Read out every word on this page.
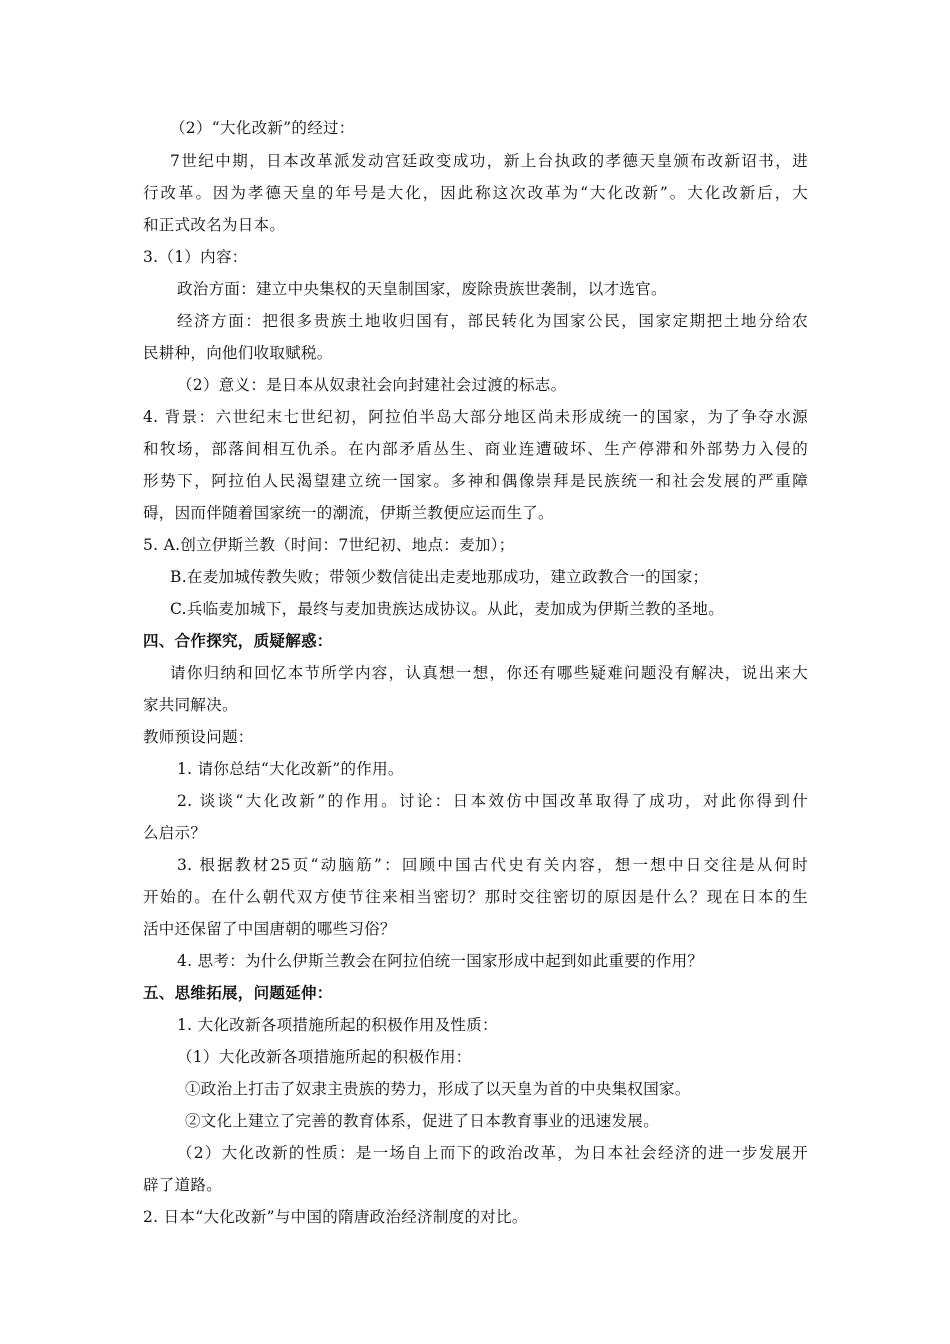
（2）“大化改新”的经过：
7世纪中期，日本改革派发动宫廷政变成功，新上台执政的孝德天皇颁布改新诏书，进
行改革。因为孝德天皇的年号是大化，因此称这次改革为“大化改新”。大化改新后，大
和正式改名为日本。
3.（1）内容：
政治方面：建立中央集权的天皇制国家，废除贵族世袭制，以才选官。
经济方面：把很多贵族土地收归国有，部民转化为国家公民，国家定期把土地分给农
民耕种，向他们收取赋税。
（2）意义：是日本从奴隶社会向封建社会过渡的标志。
4. 背景：六世纪末七世纪初，阿拉伯半岛大部分地区尚未形成统一的国家，为了争夺水源
和牧场，部落间相互仇杀。在内部矛盾丛生、商业连遭破坏、生产停滞和外部势力入侵的
形势下，阿拉伯人民渴望建立统一国家。多神和偶像崇拜是民族统一和社会发展的严重障
碍，因而伴随着国家统一的潮流，伊斯兰教便应运而生了。
5. A.创立伊斯兰教（时间：7世纪初、地点：麦加）；
B.在麦加城传教失败；带领少数信徒出走麦地那成功，建立政教合一的国家；
C.兵临麦加城下，最终与麦加贵族达成协议。从此，麦加成为伊斯兰教的圣地。
四、合作探究，质疑解惑：
请你归纳和回忆本节所学内容，认真想一想，你还有哪些疑难问题没有解决，说出来大
家共同解决。
教师预设问题：
1. 请你总结“大化改新”的作用。
2. 谈谈“大化改新”的作用。讨论：日本效仿中国改革取得了成功，对此你得到什
么启示？
3. 根据教材25页“动脑筋”：回顾中国古代史有关内容，想一想中日交往是从何时
开始的。在什么朝代双方使节往来相当密切？那时交往密切的原因是什么？现在日本的生
活中还保留了中国唐朝的哪些习俗？
4. 思考：为什么伊斯兰教会在阿拉伯统一国家形成中起到如此重要的作用？
五、思维拓展，问题延伸：
1. 大化改新各项措施所起的积极作用及性质：
（1）大化改新各项措施所起的积极作用：
①政治上打击了奴隶主贵族的势力，形成了以天皇为首的中央集权国家。
②文化上建立了完善的教育体系，促进了日本教育事业的迅速发展。
（2）大化改新的性质：是一场自上而下的政治改革，为日本社会经济的进一步发展开
辟了道路。
2. 日本“大化改新”与中国的隋唐政治经济制度的对比。
